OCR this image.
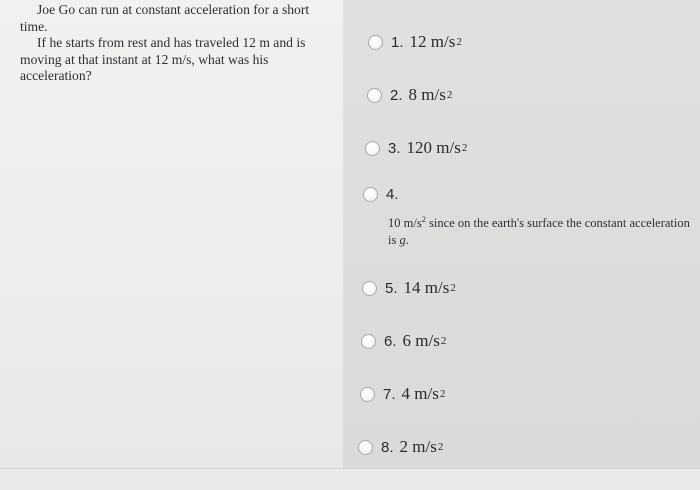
Joe Go can run at constant acceleration for a short time.

If he starts from rest and has traveled 12 m and is moving at that instant at 12 m/s, what was his acceleration?

1. 12 m/s 2
2. 8 m/s 2
3. 120 m/s 2
4.
10 $m/s^2$ since on the earth's surface the constant acceleration is g.
5. 14 m/s 2
6. 6 m/s 2
7. 4 m/s 2
8. 2 m/s 2
